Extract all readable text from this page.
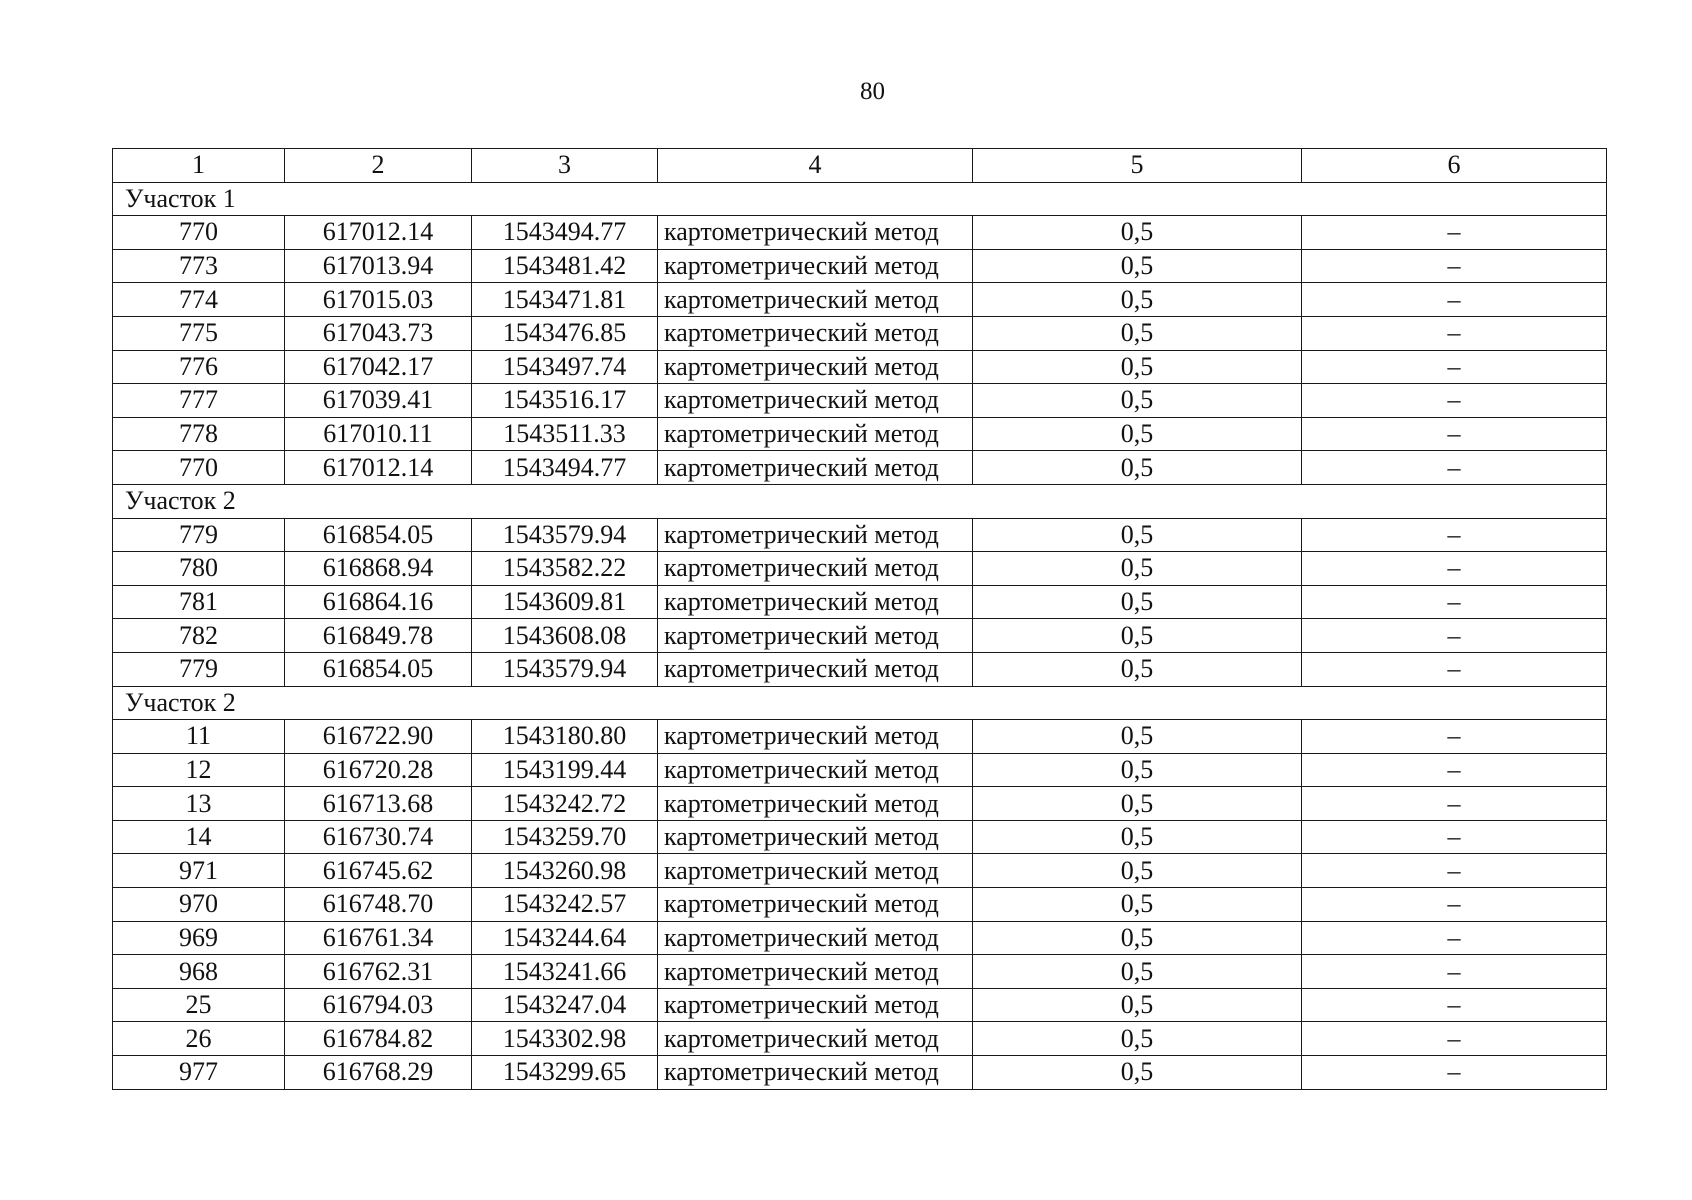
80
1	2	3	4	5	6
Участок 1					
770	617012.14	1543494.77	картометрический метод	0,5	–
773	617013.94	1543481.42	картометрический метод	0,5	–
774	617015.03	1543471.81	картометрический метод	0,5	–
775	617043.73	1543476.85	картометрический метод	0,5	–
776	617042.17	1543497.74	картометрический метод	0,5	–
777	617039.41	1543516.17	картометрический метод	0,5	–
778	617010.11	1543511.33	картометрический метод	0,5	–
770	617012.14	1543494.77	картометрический метод	0,5	–
Участок 2					
779	616854.05	1543579.94	картометрический метод	0,5	–
780	616868.94	1543582.22	картометрический метод	0,5	–
781	616864.16	1543609.81	картометрический метод	0,5	–
782	616849.78	1543608.08	картометрический метод	0,5	–
779	616854.05	1543579.94	картометрический метод	0,5	–
Участок 2					
11	616722.90	1543180.80	картометрический метод	0,5	–
12	616720.28	1543199.44	картометрический метод	0,5	–
13	616713.68	1543242.72	картометрический метод	0,5	–
14	616730.74	1543259.70	картометрический метод	0,5	–
971	616745.62	1543260.98	картометрический метод	0,5	–
970	616748.70	1543242.57	картометрический метод	0,5	–
969	616761.34	1543244.64	картометрический метод	0,5	–
968	616762.31	1543241.66	картометрический метод	0,5	–
25	616794.03	1543247.04	картометрический метод	0,5	–
26	616784.82	1543302.98	картометрический метод	0,5	–
977	616768.29	1543299.65	картометрический метод	0,5	–
